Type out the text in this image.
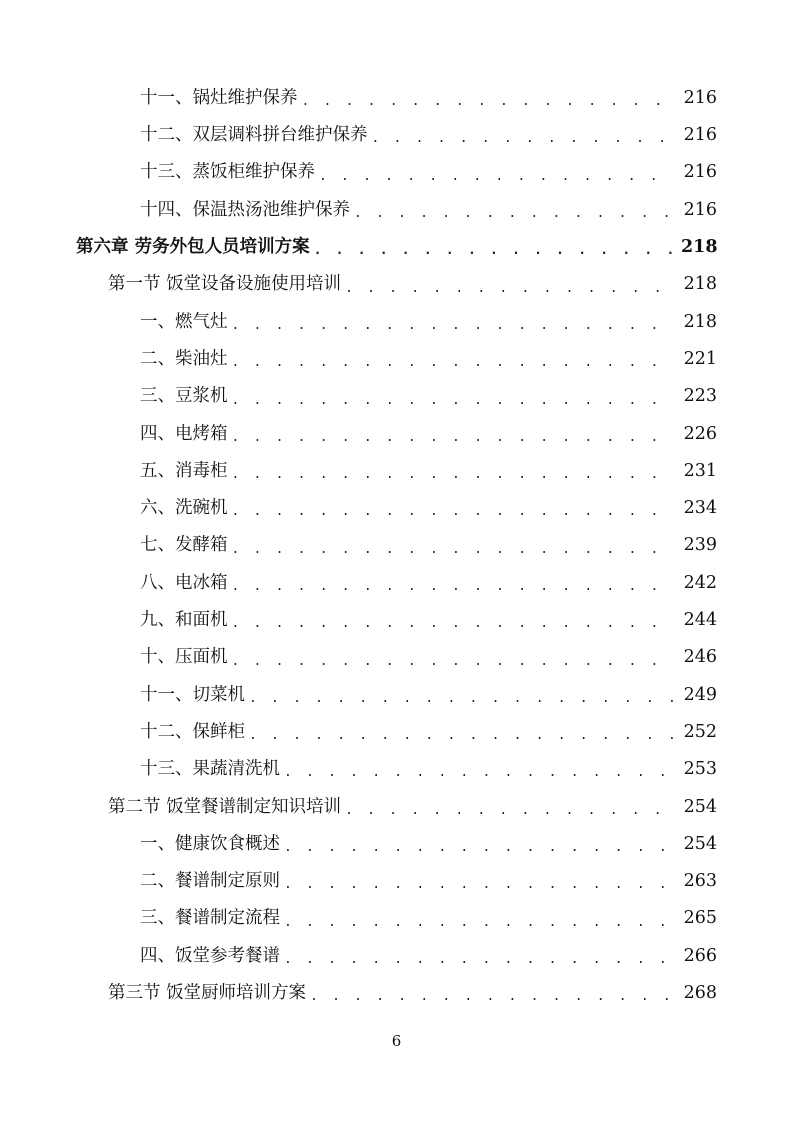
十一、锅灶维护保养 . . .	216
十二、双层调料拼台维护保养 . . .	216
十三、蒸饭柜维护保养 . . .	216
十四、保温热汤池维护保养 . . .	216
第六章 劳务外包人员培训方案 . . .	218
第一节 饭堂设备设施使用培训 . . .	218
一、燃气灶 . . .	218
二、柴油灶 . . .	221
三、豆浆机 . . .	223
四、电烤箱 . . .	226
五、消毒柜 . . .	231
六、洗碗机 . . .	234
七、发酵箱 . . .	239
八、电冰箱 . . .	242
九、和面机 . . .	244
十、压面机 . . .	246
十一、切菜机 . . .	249
十二、保鲜柜 . . .	252
十三、果蔬清洗机 . . .	253
第二节 饭堂餐谱制定知识培训 . . .	254
一、健康饮食概述 . . .	254
二、餐谱制定原则 . . .	263
三、餐谱制定流程 . . .	265
四、饭堂参考餐谱 . . .	266
第三节 饭堂厨师培训方案 . . .	268
6
